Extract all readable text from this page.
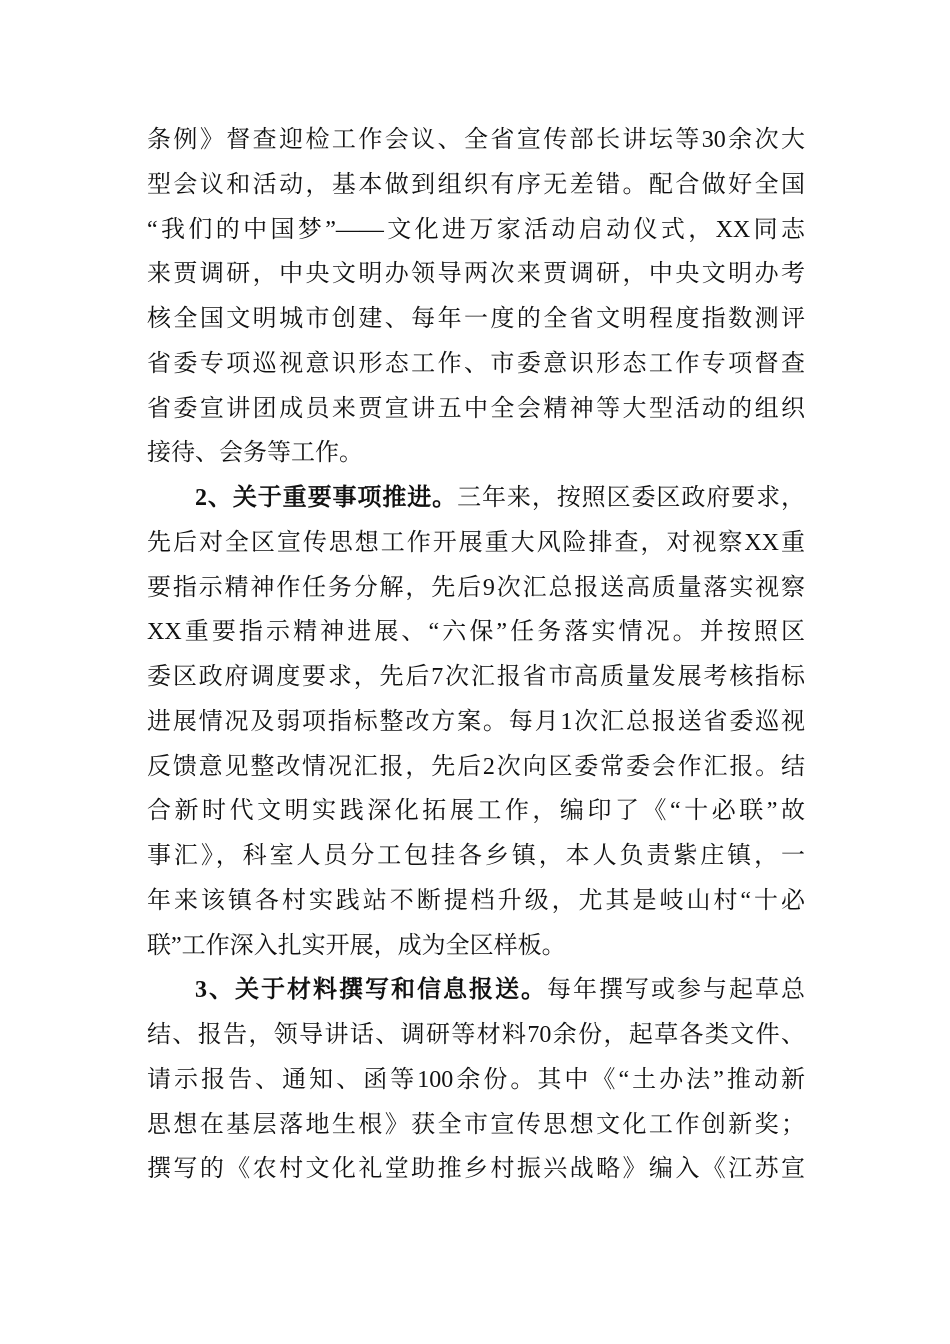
条例》督查迎检工作会议、全省宣传部长讲坛等30余次大
型会议和活动，基本做到组织有序无差错。配合做好全国
“我们的中国梦”——文化进万家活动启动仪式，XX同志
来贾调研，中央文明办领导两次来贾调研，中央文明办考
核全国文明城市创建、每年一度的全省文明程度指数测评
省委专项巡视意识形态工作、市委意识形态工作专项督查
省委宣讲团成员来贾宣讲五中全会精神等大型活动的组织
接待、会务等工作。
2、关于重要事项推进。三年来，按照区委区政府要求，
先后对全区宣传思想工作开展重大风险排查，对视察XX重
要指示精神作任务分解，先后9次汇总报送高质量落实视察
XX重要指示精神进展、“六保”任务落实情况。并按照区
委区政府调度要求，先后7次汇报省市高质量发展考核指标
进展情况及弱项指标整改方案。每月1次汇总报送省委巡视
反馈意见整改情况汇报，先后2次向区委常委会作汇报。结
合新时代文明实践深化拓展工作，编印了《“十必联”故
事汇》，科室人员分工包挂各乡镇，本人负责紫庄镇，一
年来该镇各村实践站不断提档升级，尤其是岐山村“十必
联”工作深入扎实开展，成为全区样板。
3、关于材料撰写和信息报送。每年撰写或参与起草总
结、报告，领导讲话、调研等材料70余份，起草各类文件、
请示报告、通知、函等100余份。其中《“土办法”推动新
思想在基层落地生根》获全市宣传思想文化工作创新奖；
撰写的《农村文化礼堂助推乡村振兴战略》编入《江苏宣
